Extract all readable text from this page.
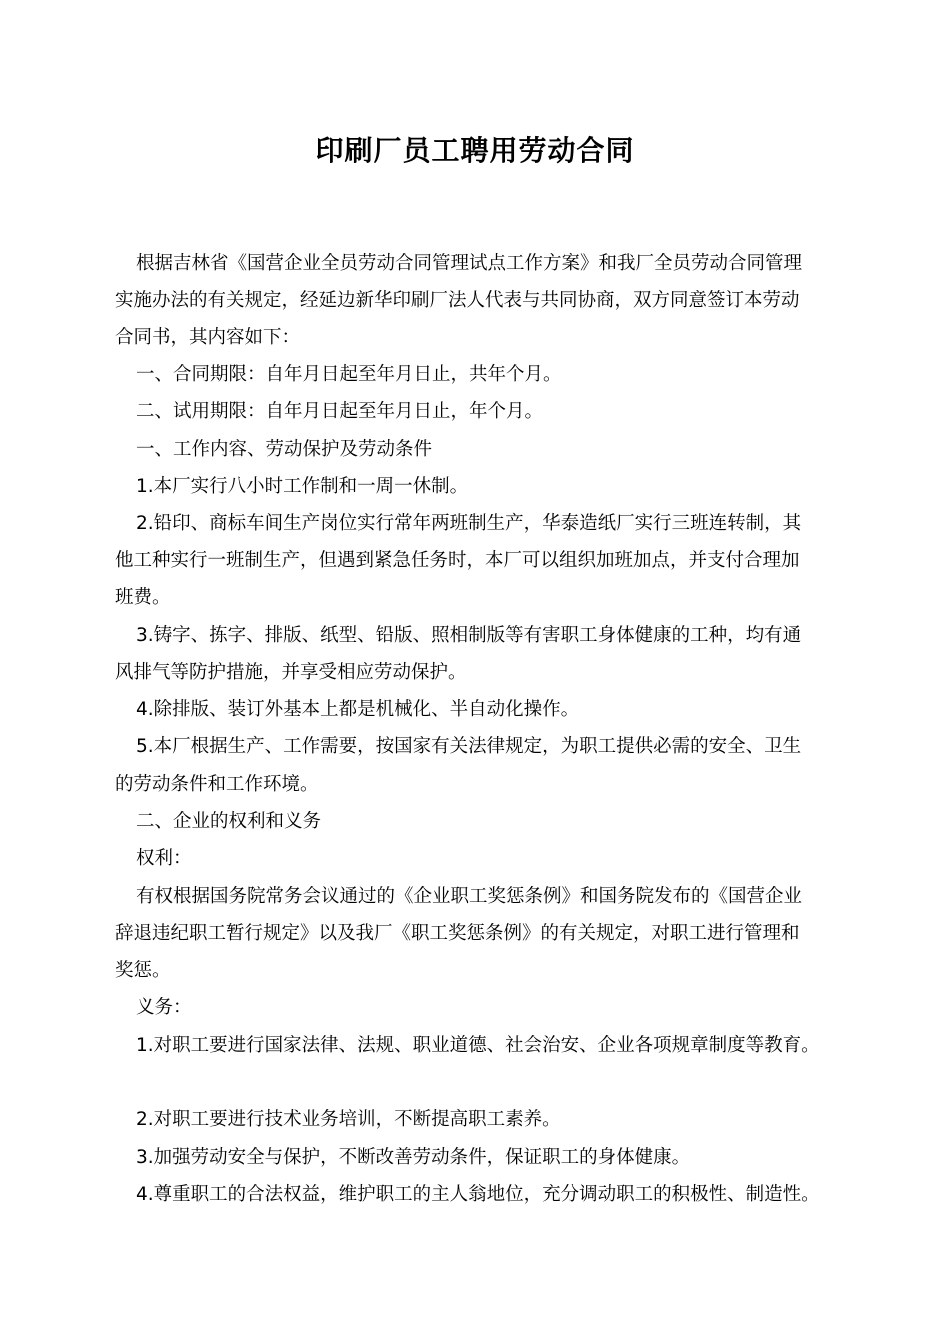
印刷厂员工聘用劳动合同
根据吉林省《国营企业全员劳动合同管理试点工作方案》和我厂全员劳动合同管理
实施办法的有关规定，经延边新华印刷厂法人代表与共同协商，双方同意签订本劳动
合同书，其内容如下：
一、合同期限：自年月日起至年月日止，共年个月。
二、试用期限：自年月日起至年月日止，年个月。
一、工作内容、劳动保护及劳动条件
1.本厂实行八小时工作制和一周一休制。
2.铅印、商标车间生产岗位实行常年两班制生产，华泰造纸厂实行三班连转制，其
他工种实行一班制生产，但遇到紧急任务时，本厂可以组织加班加点，并支付合理加
班费。
3.铸字、拣字、排版、纸型、铅版、照相制版等有害职工身体健康的工种，均有通
风排气等防护措施，并享受相应劳动保护。
4.除排版、装订外基本上都是机械化、半自动化操作。
5.本厂根据生产、工作需要，按国家有关法律规定，为职工提供必需的安全、卫生
的劳动条件和工作环境。
二、企业的权利和义务
权利：
有权根据国务院常务会议通过的《企业职工奖惩条例》和国务院发布的《国营企业
辞退违纪职工暂行规定》以及我厂《职工奖惩条例》的有关规定，对职工进行管理和
奖惩。
义务：
1.对职工要进行国家法律、法规、职业道德、社会治安、企业各项规章制度等教育。
2.对职工要进行技术业务培训，不断提高职工素养。
3.加强劳动安全与保护，不断改善劳动条件，保证职工的身体健康。
4.尊重职工的合法权益，维护职工的主人翁地位，充分调动职工的积极性、制造性。
